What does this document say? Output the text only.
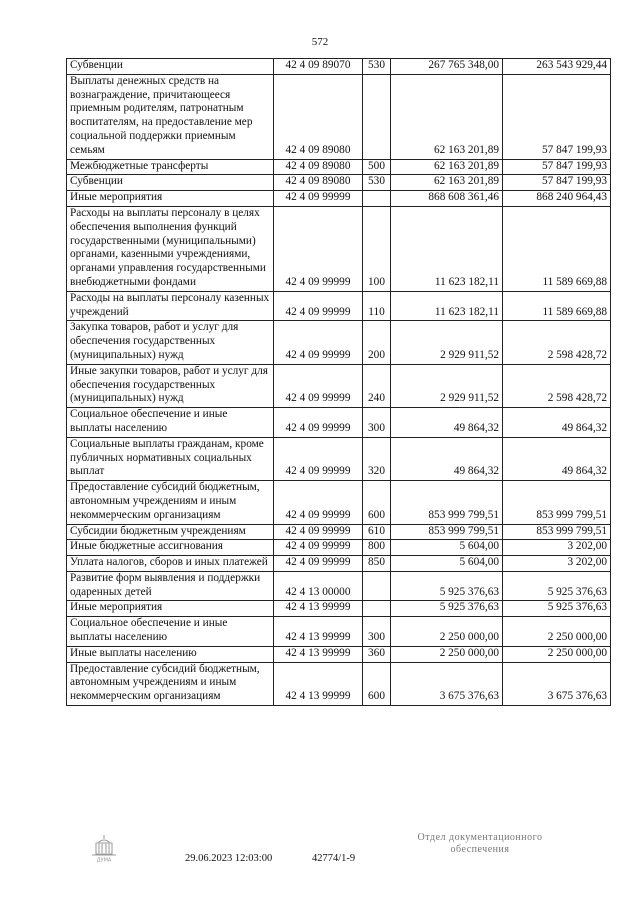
572
Субвенции	42 4 09 89070	530	267 765 348,00	263 543 929,44
Выплаты денежных средств на вознаграждение, причитающееся приемным родителям, патронатным воспитателям, на предоставление мер социальной поддержки приемным семьям	42 4 09 89080		62 163 201,89	57 847 199,93
Межбюджетные трансферты	42 4 09 89080	500	62 163 201,89	57 847 199,93
Субвенции	42 4 09 89080	530	62 163 201,89	57 847 199,93
Иные мероприятия	42 4 09 99999		868 608 361,46	868 240 964,43
Расходы на выплаты персоналу в целях обеспечения выполнения функций государственными (муниципальными) органами, казенными учреждениями, органами управления государственными внебюджетными фондами	42 4 09 99999	100	11 623 182,11	11 589 669,88
Расходы на выплаты персоналу казенных учреждений	42 4 09 99999	110	11 623 182,11	11 589 669,88
Закупка товаров, работ и услуг для обеспечения государственных (муниципальных) нужд	42 4 09 99999	200	2 929 911,52	2 598 428,72
Иные закупки товаров, работ и услуг для обеспечения государственных (муниципальных) нужд	42 4 09 99999	240	2 929 911,52	2 598 428,72
Социальное обеспечение и иные выплаты населению	42 4 09 99999	300	49 864,32	49 864,32
Социальные выплаты гражданам, кроме публичных нормативных социальных выплат	42 4 09 99999	320	49 864,32	49 864,32
Предоставление субсидий бюджетным, автономным учреждениям и иным некоммерческим организациям	42 4 09 99999	600	853 999 799,51	853 999 799,51
Субсидии бюджетным учреждениям	42 4 09 99999	610	853 999 799,51	853 999 799,51
Иные бюджетные ассигнования	42 4 09 99999	800	5 604,00	3 202,00
Уплата налогов, сборов и иных платежей	42 4 09 99999	850	5 604,00	3 202,00
Развитие форм выявления и поддержки одаренных детей	42 4 13 00000		5 925 376,63	5 925 376,63
Иные мероприятия	42 4 13 99999		5 925 376,63	5 925 376,63
Социальное обеспечение и иные выплаты населению	42 4 13 99999	300	2 250 000,00	2 250 000,00
Иные выплаты населению	42 4 13 99999	360	2 250 000,00	2 250 000,00
Предоставление субсидий бюджетным, автономным учреждениям и иным некоммерческим организациям	42 4 13 99999	600	3 675 376,63	3 675 376,63
ДУМА	29.06.2023 12:03:00	42774/1-9
Отдел документационного
обеспечения
